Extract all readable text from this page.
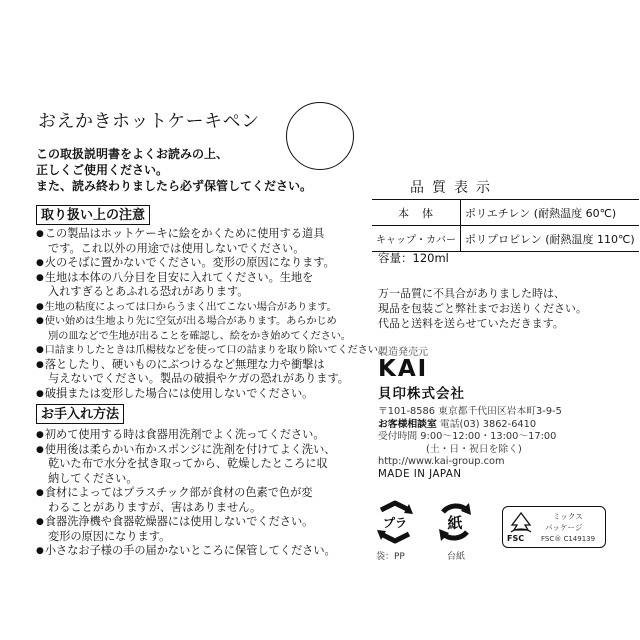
おえかきホットケーキペン
この取扱説明書をよくお読みの上、
正しくご使用ください。
また、読み終わりましたら必ず保管してください。
取り扱い上の注意
● この製品はホットケーキに絵をかくために使用する道具
です。これ以外の用途では使用しないでください。
● 火のそばに置かないでください。変形の原因になります。
● 生地は本体の八分目を目安に入れてください。生地を
入れすぎるとあふれる恐れがあります。
● 生地の粘度によっては口からうまく出てこない場合があります。
● 使い始めは生地より先に空気が出る場合があります。あらかじめ
別の皿などで生地が出ることを確認し、絵をかき始めてください。
● 口詰まりしたときは爪楊枝などを使って口の詰まりを取り除いてください。
● 落としたり、硬いものにぶつけるなど無理な力や衝撃は
与えないでください。製品の破損やケガの恐れがあります。
● 破損または変形した場合には使用しないでください。
お手入れ方法
● 初めて使用する時は食器用洗剤でよく洗ってください。
● 使用後は柔らかい布かスポンジに洗剤を付けてよく洗い、
乾いた布で水分を拭き取ってから、乾燥したところに収
納してください。
● 食材によってはプラスチック部が食材の色素で色が変
わることがありますが、害はありません。
● 食器洗浄機や食器乾燥器には使用しないでください。
変形の原因になります。
● 小さなお子様の手の届かないところに保管してください。
品質表示
本　体	ポリエチレン (耐熱温度 60℃)
キャップ・カバー	ポリプロピレン (耐熱温度 110℃)
容量：120ml
万一品質に不具合がありました時は、
現品を包装ごと弊社までお送りください。
代品と送料を送らせていただきます。
製造発売元
KAI
貝印株式会社
〒101-8586 東京都千代田区岩本町3-9-5
お客様相談室 電話(03) 3862-6410
受付時間 9:00～12:00・13:00～17:00
(土・日・祝日を除く)
http://www.kai-group.com
MADE IN JAPAN
プラ
袋：PP
紙
台紙
FSC
ミックス
パッケージ
FSC® C149139
